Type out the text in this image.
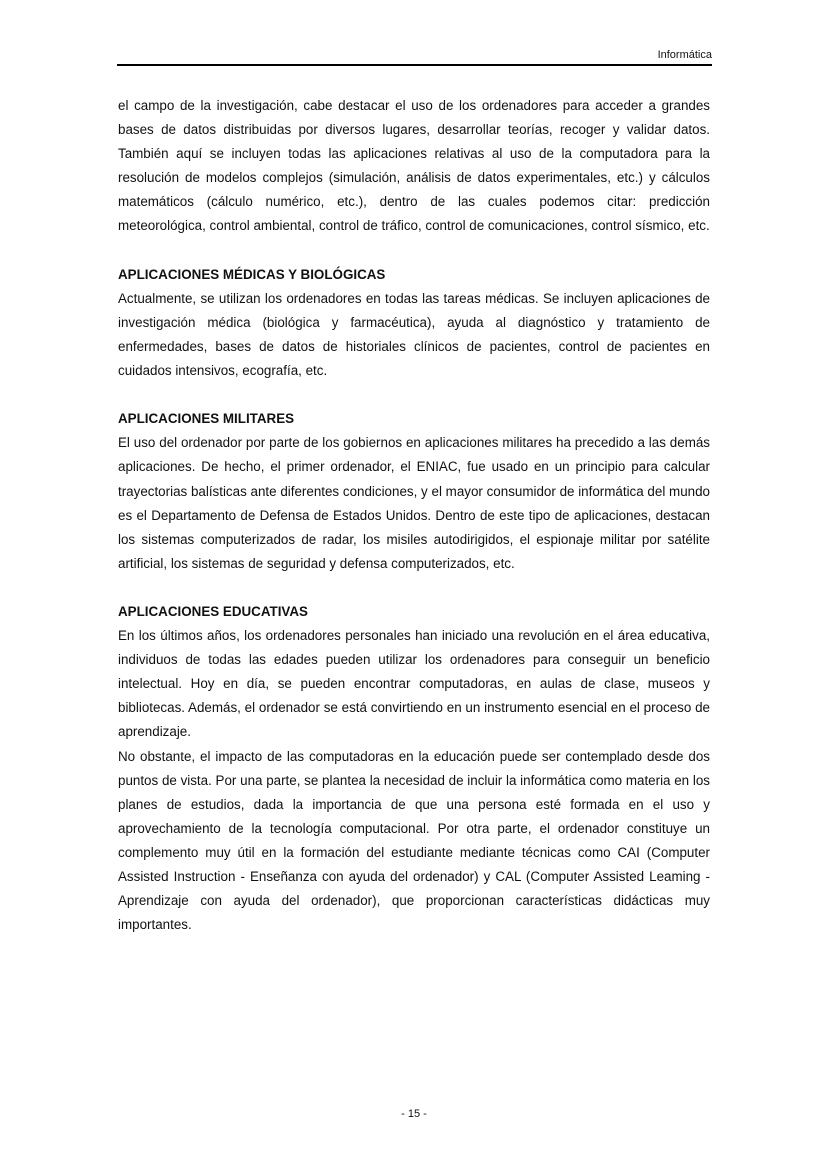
Informática

el campo de la investigación, cabe destacar el uso de los ordenadores para acceder a grandes bases de datos distribuidas por diversos lugares, desarrollar teorías, recoger y validar datos. También aquí se incluyen todas las aplicaciones relativas al uso de la computadora para la resolución de modelos complejos (simulación, análisis de datos experimentales, etc.) y cálculos matemáticos (cálculo numérico, etc.), dentro de las cuales podemos citar: predicción meteorológica, control ambiental, control de tráfico, control de comunicaciones, control sísmico, etc.

APLICACIONES MÉDICAS Y BIOLÓGICAS

Actualmente, se utilizan los ordenadores en todas las tareas médicas. Se incluyen aplicaciones de investigación médica (biológica y farmacéutica), ayuda al diagnóstico y tratamiento de enfermedades, bases de datos de historiales clínicos de pacientes, control de pacientes en cuidados intensivos, ecografía, etc.

APLICACIONES MILITARES

El uso del ordenador por parte de los gobiernos en aplicaciones militares ha precedido a las demás aplicaciones. De hecho, el primer ordenador, el ENIAC, fue usado en un principio para calcular trayectorias balísticas ante diferentes condiciones, y el mayor consumidor de informática del mundo es el Departamento de Defensa de Estados Unidos. Dentro de este tipo de aplicaciones, destacan los sistemas computerizados de radar, los misiles autodirigidos, el espionaje militar por satélite artificial, los sistemas de seguridad y defensa computerizados, etc.

APLICACIONES EDUCATIVAS

En los últimos años, los ordenadores personales han iniciado una revolución en el área educativa, individuos de todas las edades pueden utilizar los ordenadores para conseguir un beneficio intelectual. Hoy en día, se pueden encontrar computadoras, en aulas de clase, museos y bibliotecas. Además, el ordenador se está convirtiendo en un instrumento esencial en el proceso de aprendizaje.

No obstante, el impacto de las computadoras en la educación puede ser contemplado desde dos puntos de vista. Por una parte, se plantea la necesidad de incluir la informática como materia en los planes de estudios, dada la importancia de que una persona esté formada en el uso y aprovechamiento de la tecnología computacional. Por otra parte, el ordenador constituye un complemento muy útil en la formación del estudiante mediante técnicas como CAI (Computer Assisted Instruction - Enseñanza con ayuda del ordenador) y CAL (Computer Assisted Leaming - Aprendizaje con ayuda del ordenador), que proporcionan características didácticas muy importantes.

- 15 -
